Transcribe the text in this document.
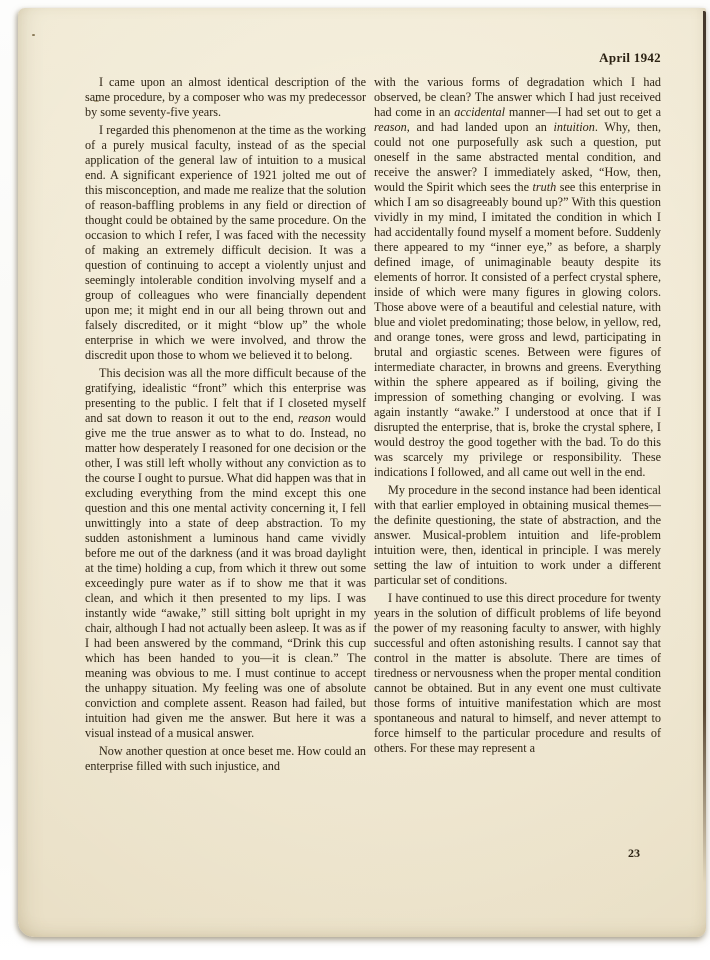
April 1942

I came upon an almost identical description of the same procedure, by a composer who was my predecessor by some seventy-five years.

I regarded this phenomenon at the time as the working of a purely musical faculty, instead of as the special application of the general law of intuition to a musical end. A significant experience of 1921 jolted me out of this misconception, and made me realize that the solution of reason-baffling problems in any field or direction of thought could be obtained by the same procedure. On the occasion to which I refer, I was faced with the necessity of making an extremely difficult decision. It was a question of continuing to accept a violently unjust and seemingly intolerable condition involving myself and a group of colleagues who were financially dependent upon me; it might end in our all being thrown out and falsely discredited, or it might “blow up” the whole enterprise in which we were involved, and throw the discredit upon those to whom we believed it to belong.

This decision was all the more difficult because of the gratifying, idealistic “front” which this enterprise was presenting to the public. I felt that if I closeted myself and sat down to reason it out to the end, reason would give me the true answer as to what to do. Instead, no matter how desperately I reasoned for one decision or the other, I was still left wholly without any conviction as to the course I ought to pursue. What did happen was that in excluding everything from the mind except this one question and this one mental activity concerning it, I fell unwittingly into a state of deep abstraction. To my sudden astonishment a luminous hand came vividly before me out of the darkness (and it was broad daylight at the time) holding a cup, from which it threw out some exceedingly pure water as if to show me that it was clean, and which it then presented to my lips. I was instantly wide “awake,” still sitting bolt upright in my chair, although I had not actually been asleep. It was as if I had been answered by the command, “Drink this cup which has been handed to you—it is clean.” The meaning was obvious to me. I must continue to accept the unhappy situation. My feeling was one of absolute conviction and complete assent. Reason had failed, but intuition had given me the answer. But here it was a visual instead of a musical answer.

Now another question at once beset me. How could an enterprise filled with such injustice, and

with the various forms of degradation which I had observed, be clean? The answer which I had just received had come in an accidental manner—I had set out to get a reason, and had landed upon an intuition. Why, then, could not one purposefully ask such a question, put oneself in the same abstracted mental condition, and receive the answer? I immediately asked, “How, then, would the Spirit which sees the truth see this enterprise in which I am so disagreeably bound up?” With this question vividly in my mind, I imitated the condition in which I had accidentally found myself a moment before. Suddenly there appeared to my “inner eye,” as before, a sharply defined image, of unimaginable beauty despite its elements of horror. It consisted of a perfect crystal sphere, inside of which were many figures in glowing colors. Those above were of a beautiful and celestial nature, with blue and violet predominating; those below, in yellow, red, and orange tones, were gross and lewd, participating in brutal and orgiastic scenes. Between were figures of intermediate character, in browns and greens. Everything within the sphere appeared as if boiling, giving the impression of something changing or evolving. I was again instantly “awake.” I understood at once that if I disrupted the enterprise, that is, broke the crystal sphere, I would destroy the good together with the bad. To do this was scarcely my privilege or responsibility. These indications I followed, and all came out well in the end.

My procedure in the second instance had been identical with that earlier employed in obtaining musical themes—the definite questioning, the state of abstraction, and the answer. Musical-problem intuition and life-problem intuition were, then, identical in principle. I was merely setting the law of intuition to work under a different particular set of conditions.

I have continued to use this direct procedure for twenty years in the solution of difficult problems of life beyond the power of my reasoning faculty to answer, with highly successful and often astonishing results. I cannot say that control in the matter is absolute. There are times of tiredness or nervousness when the proper mental condition cannot be obtained. But in any event one must cultivate those forms of intuitive manifestation which are most spontaneous and natural to himself, and never attempt to force himself to the particular procedure and results of others. For these may represent a

23
